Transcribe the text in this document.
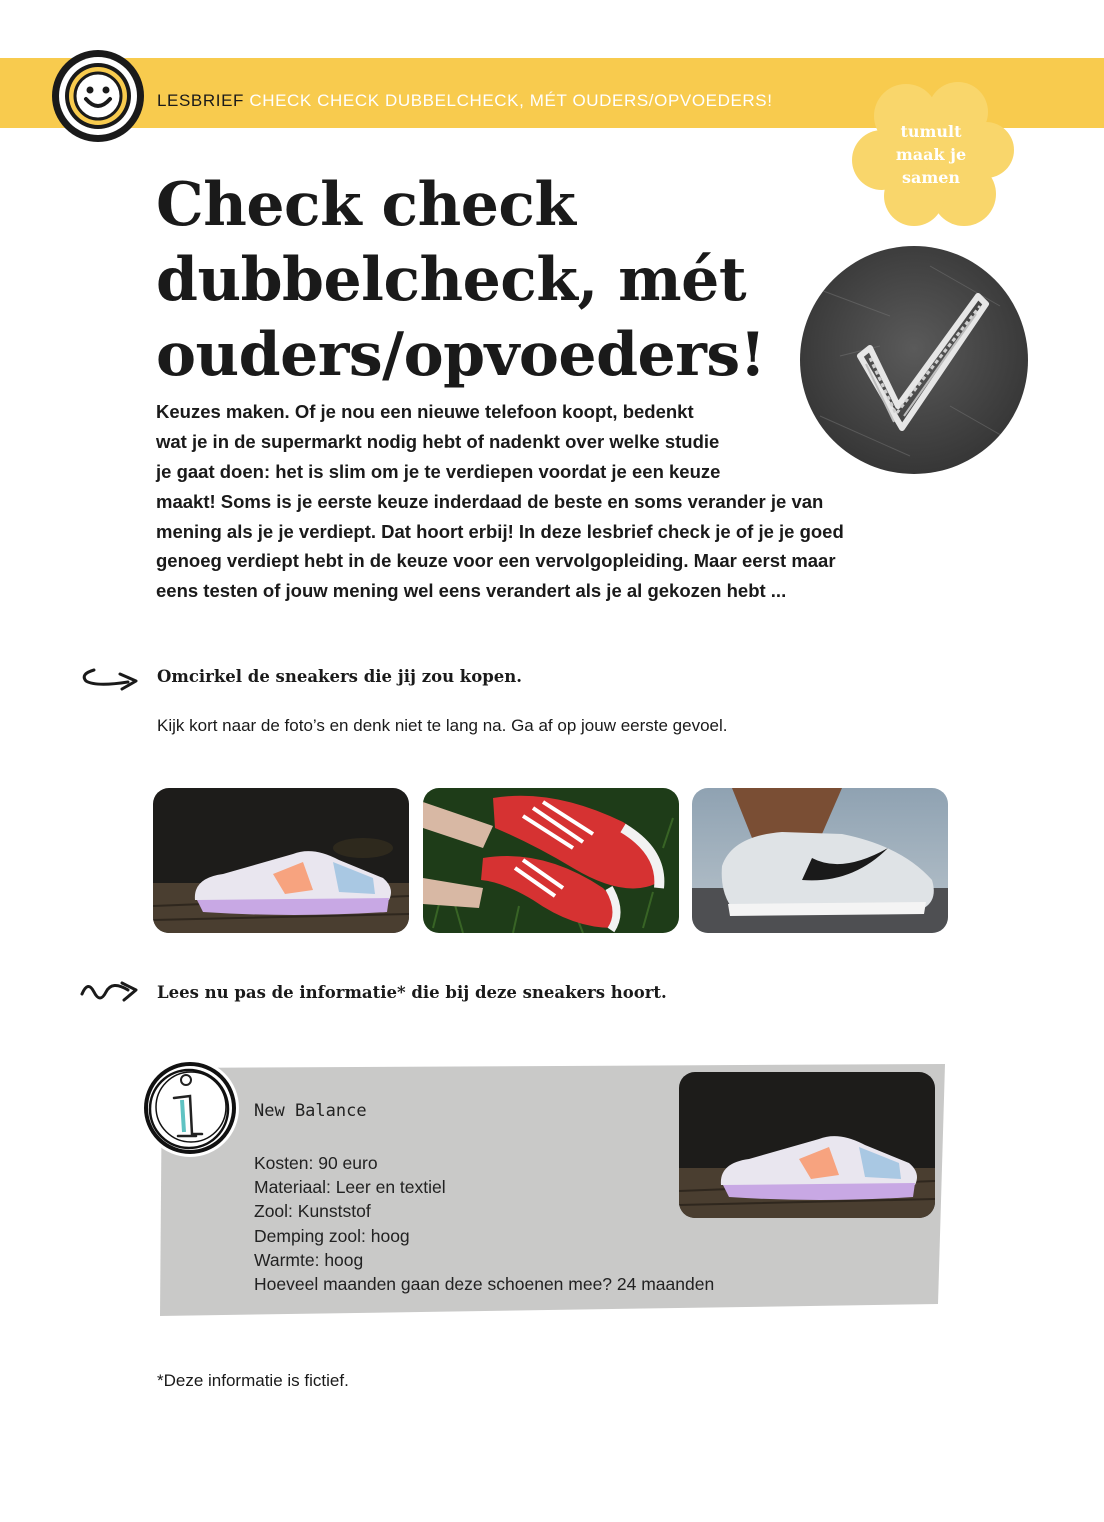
LESBRIEF CHECK CHECK DUBBELCHECK, MÉT OUDERS/OPVOEDERS!
tumult
maak je
samen
Check check
dubbelcheck, mét
ouders/opvoeders!

Keuzes maken. Of je nou een nieuwe telefoon koopt, bedenkt

wat je in de supermarkt nodig hebt of nadenkt over welke studie

je gaat doen: het is slim om je te verdiepen voordat je een keuze

maakt! Soms is je eerste keuze inderdaad de beste en soms verander je van

mening als je je verdiept. Dat hoort erbij! In deze lesbrief check je of je je goed

genoeg verdiept hebt in de keuze voor een vervolgopleiding. Maar eerst maar

eens testen of jouw mening wel eens verandert als je al gekozen hebt ...

Omcirkel de sneakers die jij zou kopen.

Kijk kort naar de foto’s en denk niet te lang na. Ga af op jouw eerste gevoel.

Lees nu pas de informatie* die bij deze sneakers hoort.

New Balance
Kosten: 90 euro
Materiaal: Leer en textiel
Zool: Kunststof
Demping zool: hoog
Warmte: hoog
Hoeveel maanden gaan deze schoenen mee? 24 maanden
*Deze informatie is fictief.
